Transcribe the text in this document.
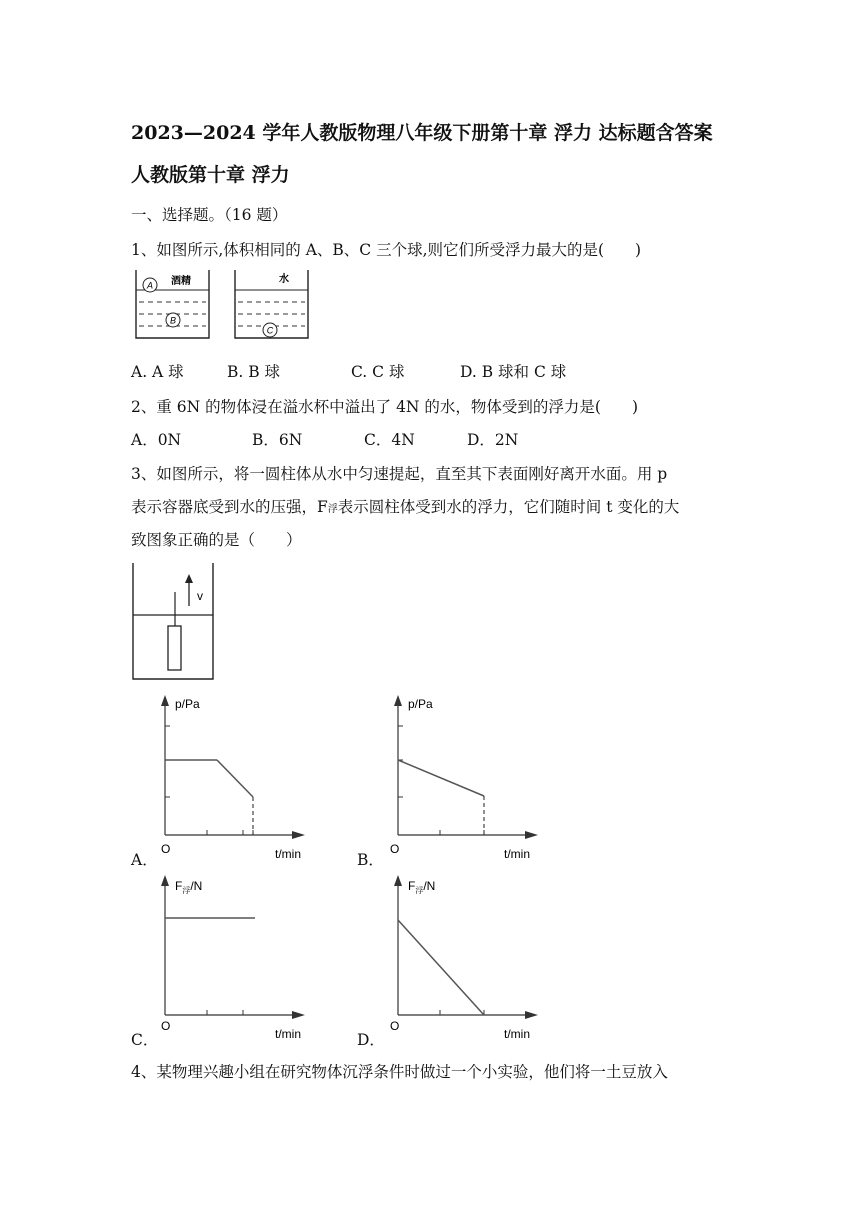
2023—2024 学年人教版物理八年级下册第十章 浮力 达标题含答案
人教版第十章 浮力
一、选择题。（16 题）
1、如图所示,体积相同的 A、B、C 三个球,则它们所受浮力最大的是(　　)
A
B
酒精
C
水
A. A 球	B. B 球	C. C 球	D. B 球和 C 球
2、重 6N 的物体浸在溢水杯中溢出了 4N 的水，物体受到的浮力是(　　)
A．0N	B．6N	C．4N	D．2N
3、如图所示，将一圆柱体从水中匀速提起，直至其下表面刚好离开水面。用 p
表示容器底受到水的压强，F浮表示圆柱体受到水的浮力，它们随时间 t 变化的大
致图象正确的是（　　）
v
A．
p/Pa
O	t/min	B．
p/Pa
O	t/min
C．
$F_浮/N$
O
t/min	D．
$F_浮/N$
O
t/min
4、某物理兴趣小组在研究物体沉浮条件时做过一个小实验，他们将一土豆放入
